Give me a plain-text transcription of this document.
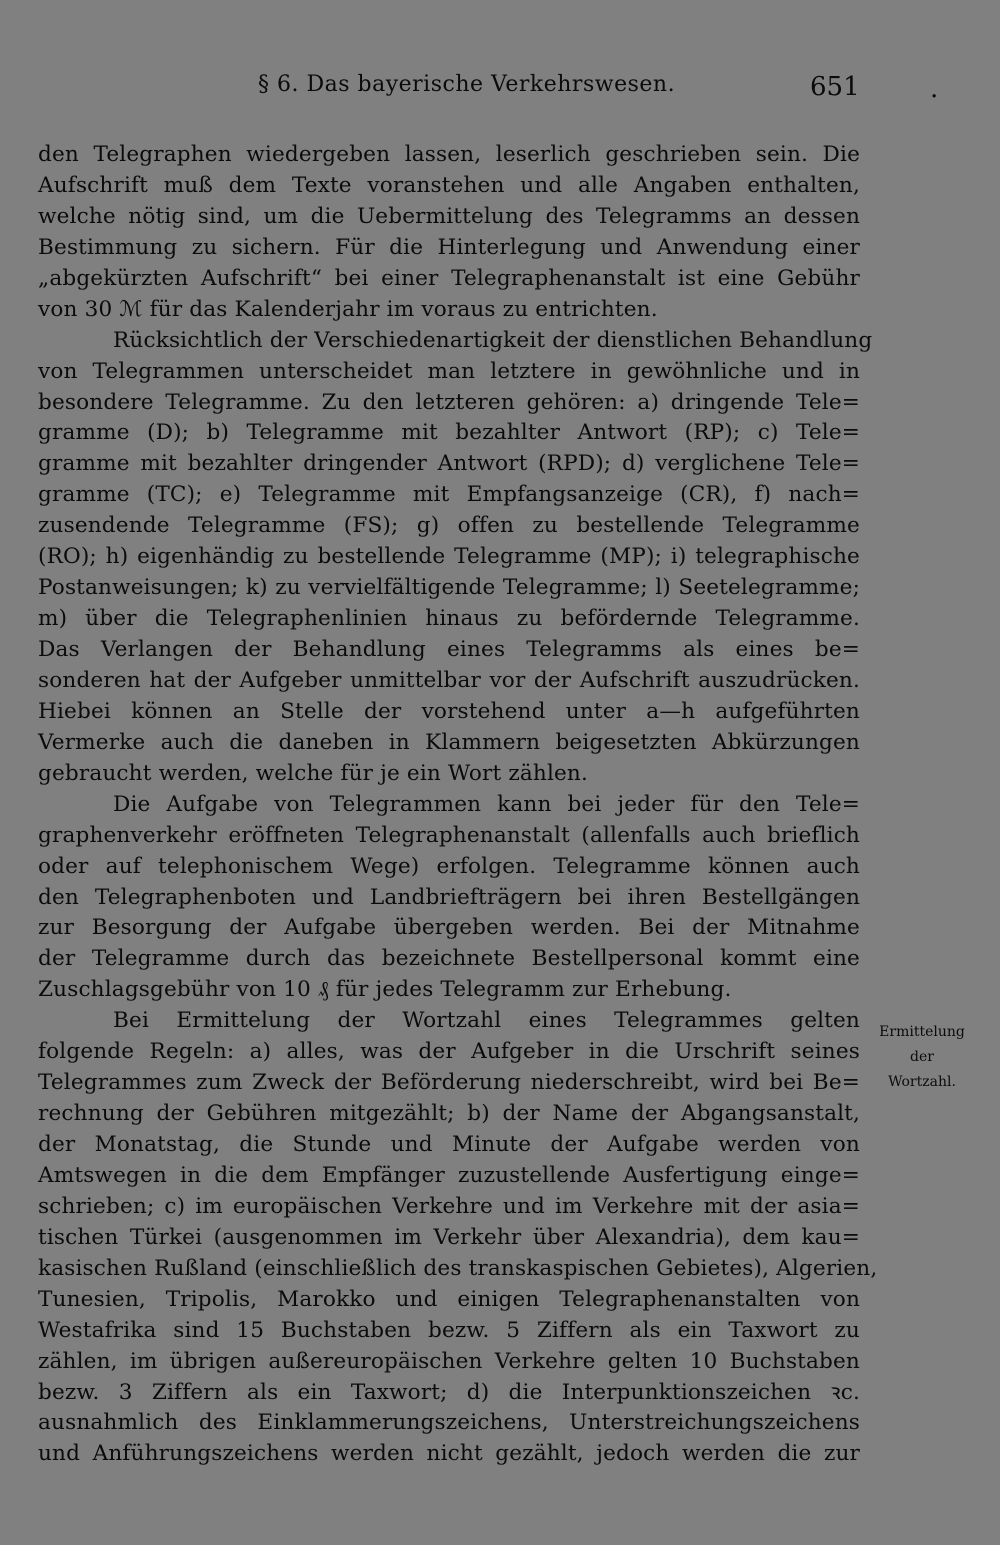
§ 6. Das bayerische Verkehrswesen.	651	.
den Telegraphen wiedergeben lassen, leserlich geschrieben sein. Die
Aufschrift muß dem Texte voranstehen und alle Angaben enthalten,
welche nötig sind, um die Uebermittelung des Telegramms an dessen
Bestimmung zu sichern. Für die Hinterlegung und Anwendung einer
„abgekürzten Aufschrift“ bei einer Telegraphenanstalt ist eine Gebühr
von 30 ℳ für das Kalenderjahr im voraus zu entrichten.
Rücksichtlich der Verschiedenartigkeit der dienstlichen Behandlung
von Telegrammen unterscheidet man letztere in gewöhnliche und in
besondere Telegramme. Zu den letzteren gehören: a) dringende Tele=
gramme (D); b) Telegramme mit bezahlter Antwort (RP); c) Tele=
gramme mit bezahlter dringender Antwort (RPD); d) verglichene Tele=
gramme (TC); e) Telegramme mit Empfangsanzeige (CR), f) nach=
zusendende Telegramme (FS); g) offen zu bestellende Telegramme
(RO); h) eigenhändig zu bestellende Telegramme (MP); i) telegraphische
Postanweisungen; k) zu vervielfältigende Telegramme; l) Seetelegramme;
m) über die Telegraphenlinien hinaus zu befördernde Telegramme.
Das Verlangen der Behandlung eines Telegramms als eines be=
sonderen hat der Aufgeber unmittelbar vor der Aufschrift auszudrücken.
Hiebei können an Stelle der vorstehend unter a—h aufgeführten
Vermerke auch die daneben in Klammern beigesetzten Abkürzungen
gebraucht werden, welche für je ein Wort zählen.
Die Aufgabe von Telegrammen kann bei jeder für den Tele=
graphenverkehr eröffneten Telegraphenanstalt (allenfalls auch brieflich
oder auf telephonischem Wege) erfolgen. Telegramme können auch
den Telegraphenboten und Landbriefträgern bei ihren Bestellgängen
zur Besorgung der Aufgabe übergeben werden. Bei der Mitnahme
der Telegramme durch das bezeichnete Bestellpersonal kommt eine
Zuschlagsgebühr von 10 ₰ für jedes Telegramm zur Erhebung.
Bei Ermittelung der Wortzahl eines Telegrammes gelten
folgende Regeln: a) alles, was der Aufgeber in die Urschrift seines
Telegrammes zum Zweck der Beförderung niederschreibt, wird bei Be=
rechnung der Gebühren mitgezählt; b) der Name der Abgangsanstalt,
der Monatstag, die Stunde und Minute der Aufgabe werden von
Amtswegen in die dem Empfänger zuzustellende Ausfertigung einge=
schrieben; c) im europäischen Verkehre und im Verkehre mit der asia=
tischen Türkei (ausgenommen im Verkehr über Alexandria), dem kau=
kasischen Rußland (einschließlich des transkaspischen Gebietes), Algerien,
Tunesien, Tripolis, Marokko und einigen Telegraphenanstalten von
Westafrika sind 15 Buchstaben bezw. 5 Ziffern als ein Taxwort zu
zählen, im übrigen außereuropäischen Verkehre gelten 10 Buchstaben
bezw. 3 Ziffern als ein Taxwort; d) die Interpunktionszeichen ꝛc.
ausnahmlich des Einklammerungszeichens, Unterstreichungszeichens
und Anführungszeichens werden nicht gezählt, jedoch werden die zur
Ermittelung
der
Wortzahl.
